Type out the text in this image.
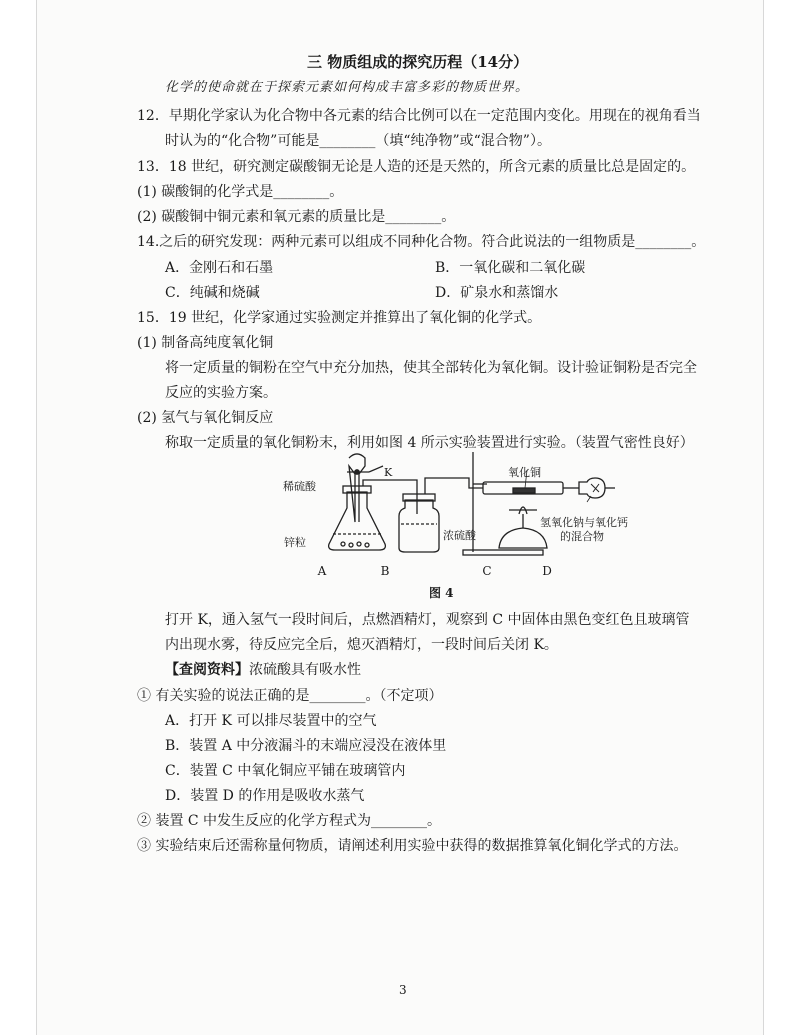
三 物质组成的探究历程（14分）
化学的使命就在于探索元素如何构成丰富多彩的物质世界。
12．早期化学家认为化合物中各元素的结合比例可以在一定范围内变化。用现在的视角看当
时认为的“化合物”可能是________（填“纯净物”或“混合物”）。
13．18 世纪，研究测定碳酸铜无论是人造的还是天然的，所含元素的质量比总是固定的。
(1) 碳酸铜的化学式是________。
(2) 碳酸铜中铜元素和氧元素的质量比是________。
14.之后的研究发现：两种元素可以组成不同种化合物。符合此说法的一组物质是________。
A．金刚石和石墨	B．一氧化碳和二氧化碳
C．纯碱和烧碱	D．矿泉水和蒸馏水
15．19 世纪，化学家通过实验测定并推算出了氧化铜的化学式。
(1) 制备高纯度氧化铜
将一定质量的铜粉在空气中充分加热，使其全部转化为氧化铜。设计验证铜粉是否完全
反应的实验方案。
(2) 氢气与氧化铜反应
称取一定质量的氧化铜粉末，利用如图 4 所示实验装置进行实验。（装置气密性良好）
稀硫酸
K
锌粒
浓硫酸
氧化铜
氢氧化钠与氧化钙
的混合物
A	B	C	D
图 4
打开 K，通入氢气一段时间后，点燃酒精灯，观察到 C 中固体由黑色变红色且玻璃管
内出现水雾，待反应完全后，熄灭酒精灯，一段时间后关闭 K。
【查阅资料】浓硫酸具有吸水性
① 有关实验的说法正确的是________。（不定项）
A．打开 K 可以排尽装置中的空气
B．装置 A 中分液漏斗的末端应浸没在液体里
C．装置 C 中氧化铜应平铺在玻璃管内
D．装置 D 的作用是吸收水蒸气
② 装置 C 中发生反应的化学方程式为________。
③ 实验结束后还需称量何物质，请阐述利用实验中获得的数据推算氧化铜化学式的方法。
3
